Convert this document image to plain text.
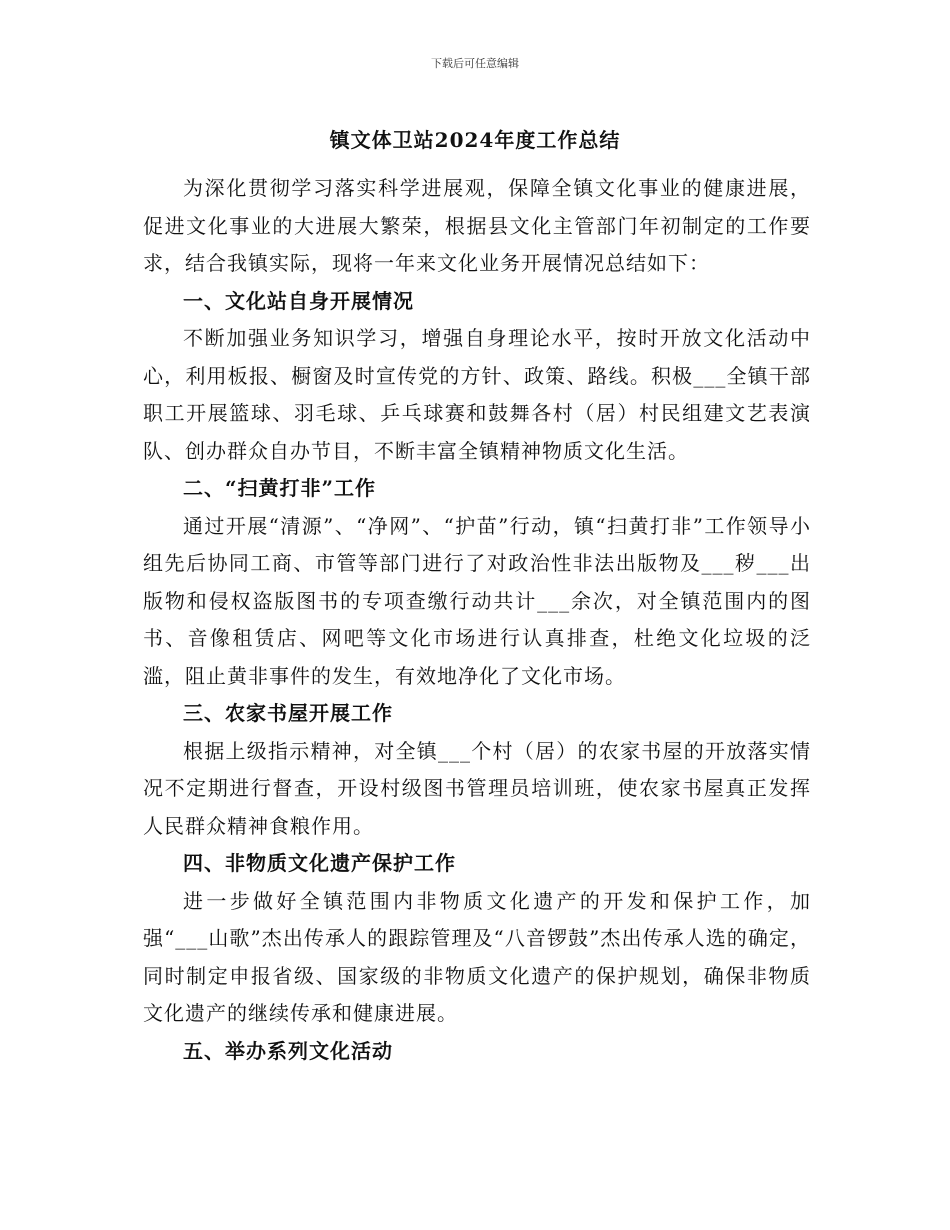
下载后可任意编辑
镇文体卫站2024年度工作总结

为深化贯彻学习落实科学进展观，保障全镇文化事业的健康进展，促进文化事业的大进展大繁荣，根据县文化主管部门年初制定的工作要求，结合我镇实际，现将一年来文化业务开展情况总结如下：

一、文化站自身开展情况

不断加强业务知识学习，增强自身理论水平，按时开放文化活动中心，利用板报、橱窗及时宣传党的方针、政策、路线。积极___全镇干部职工开展篮球、羽毛球、乒乓球赛和鼓舞各村（居）村民组建文艺表演队、创办群众自办节目，不断丰富全镇精神物质文化生活。

二、“扫黄打非”工作

通过开展“清源”、“净网”、“护苗”行动，镇“扫黄打非”工作领导小组先后协同工商、市管等部门进行了对政治性非法出版物及___秽___出版物和侵权盗版图书的专项查缴行动共计___余次，对全镇范围内的图书、音像租赁店、网吧等文化市场进行认真排查，杜绝文化垃圾的泛滥，阻止黄非事件的发生，有效地净化了文化市场。

三、农家书屋开展工作

根据上级指示精神，对全镇___个村（居）的农家书屋的开放落实情况不定期进行督查，开设村级图书管理员培训班，使农家书屋真正发挥人民群众精神食粮作用。

四、非物质文化遗产保护工作

进一步做好全镇范围内非物质文化遗产的开发和保护工作，加强“___山歌”杰出传承人的跟踪管理及“八音锣鼓”杰出传承人选的确定，同时制定申报省级、国家级的非物质文化遗产的保护规划，确保非物质文化遗产的继续传承和健康进展。

五、举办系列文化活动
